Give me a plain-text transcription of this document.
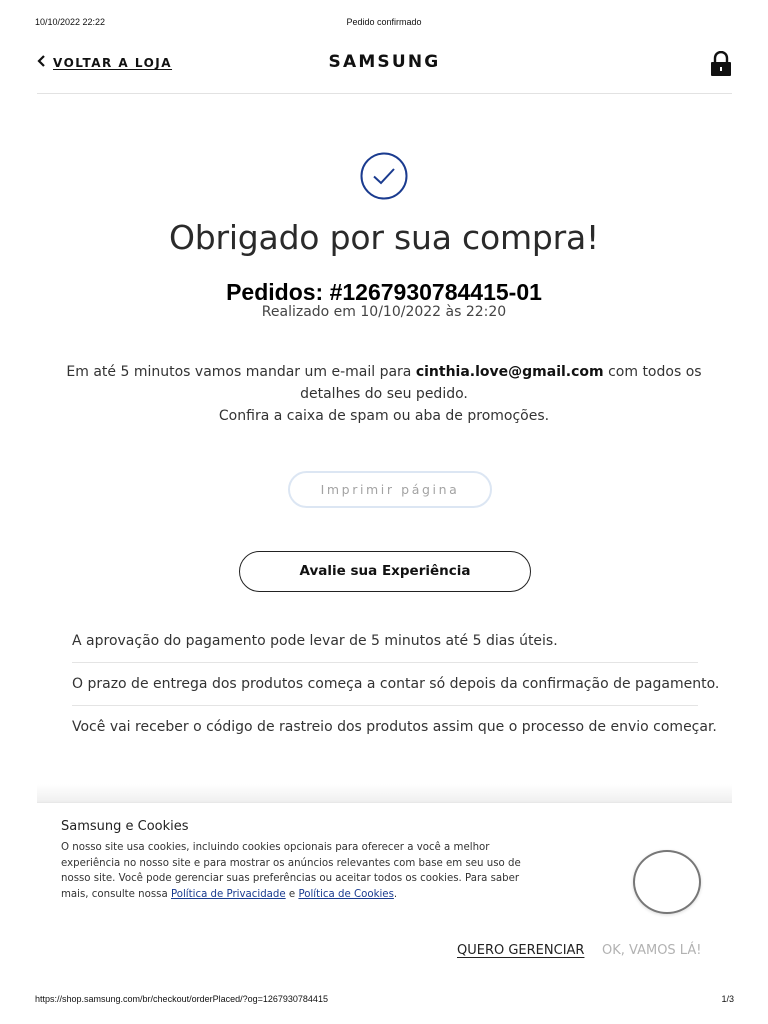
10/10/2022 22:22	Pedido confirmado
VOLTAR A LOJA	SAMSUNG
Obrigado por sua compra!
Pedidos: #1267930784415-01
Realizado em 10/10/2022 às 22:20
Em até 5 minutos vamos mandar um e-mail para cinthia.love@gmail.com com todos os detalhes do seu pedido.
Confira a caixa de spam ou aba de promoções.
Imprimir página
Avalie sua Experiência
A aprovação do pagamento pode levar de 5 minutos até 5 dias úteis.
O prazo de entrega dos produtos começa a contar só depois da confirmação de pagamento.
Você vai receber o código de rastreio dos produtos assim que o processo de envio começar.
Samsung e Cookies
O nosso site usa cookies, incluindo cookies opcionais para oferecer a você a melhor experiência no nosso site e para mostrar os anúncios relevantes com base em seu uso de nosso site. Você pode gerenciar suas preferências ou aceitar todos os cookies. Para saber mais, consulte nossa Política de Privacidade e Política de Cookies.
QUERO GERENCIAR OK, VAMOS LÁ!
https://shop.samsung.com/br/checkout/orderPlaced/?og=1267930784415	1/3
